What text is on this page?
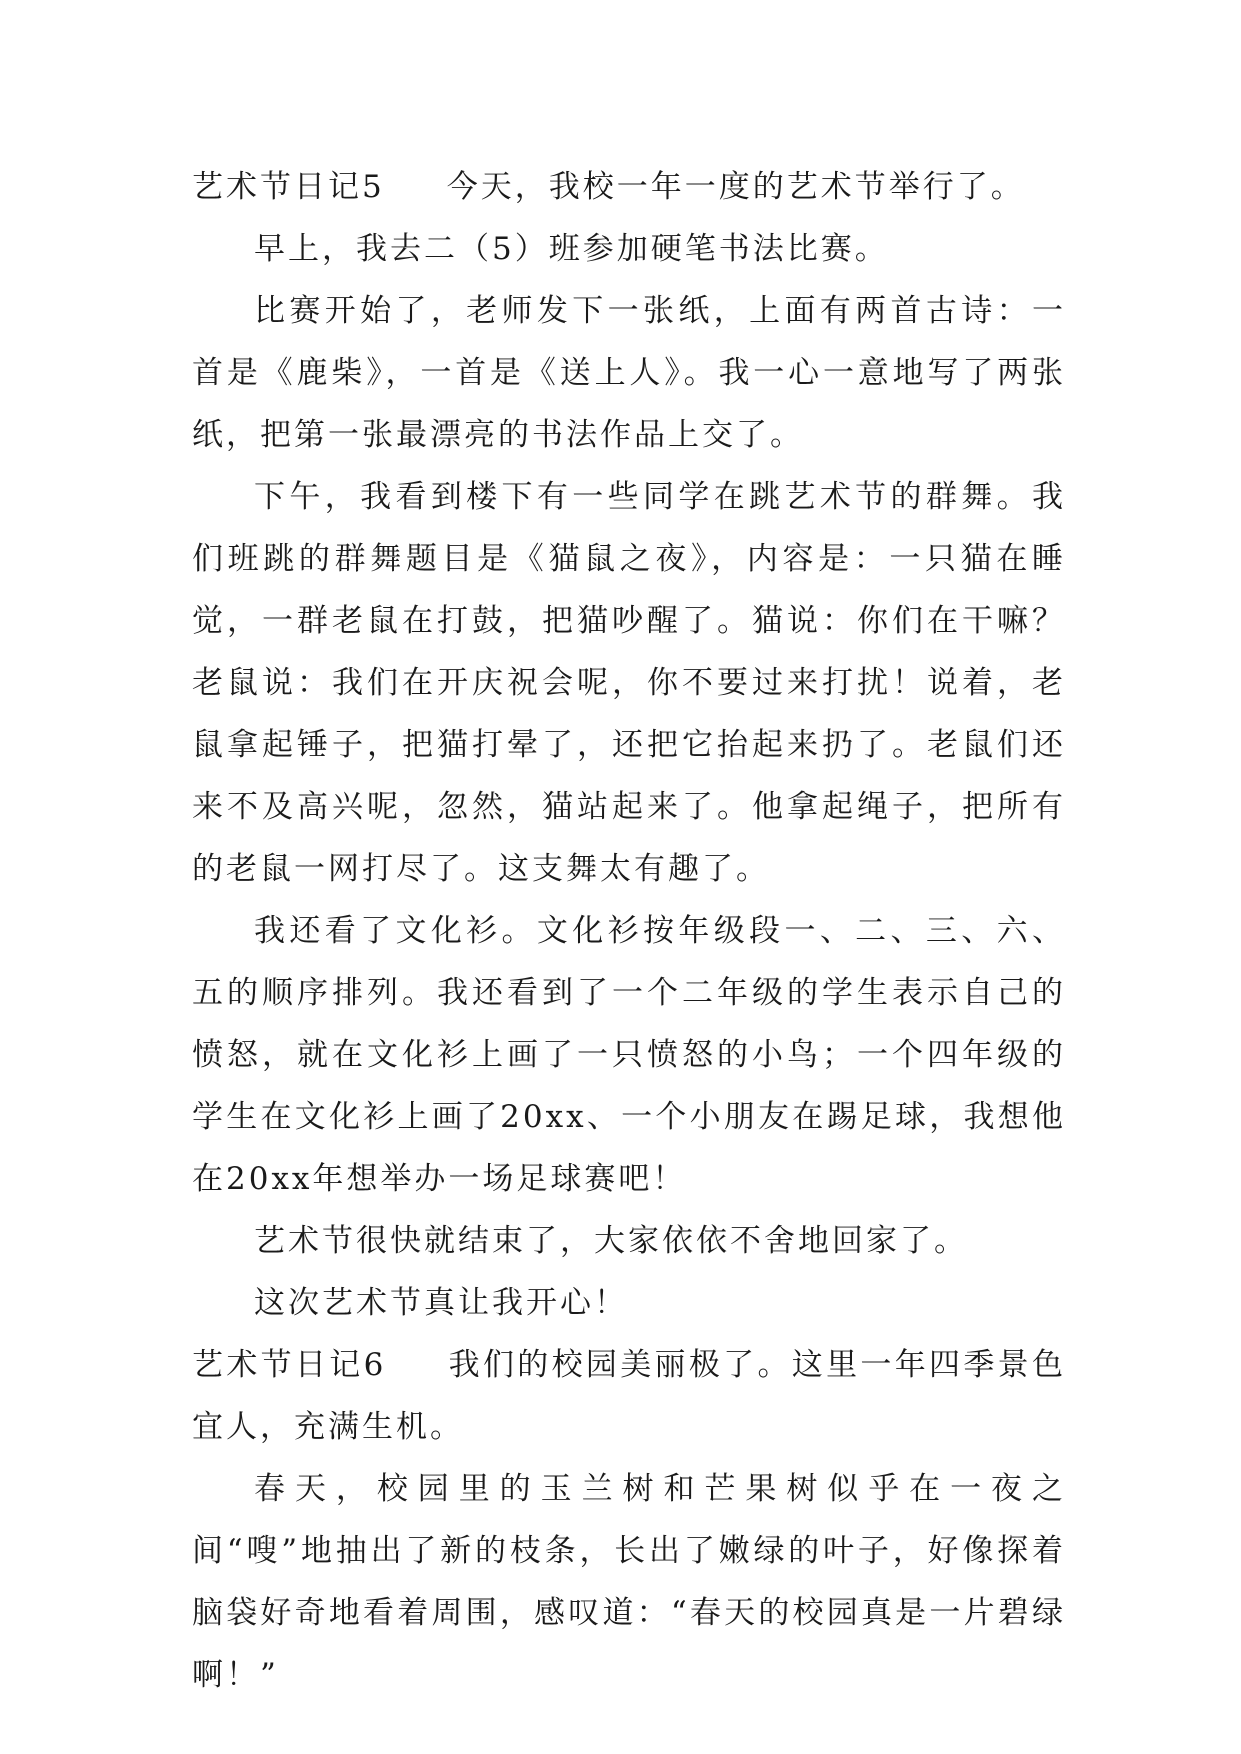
艺术节日记5 今天，我校一年一度的艺术节举行了。

早上，我去二（5）班参加硬笔书法比赛。

比赛开始了，老师发下一张纸，上面有两首古诗：一首是《鹿柴》，一首是《送上人》。我一心一意地写了两张纸，把第一张最漂亮的书法作品上交了。

下午，我看到楼下有一些同学在跳艺术节的群舞。我们班跳的群舞题目是《猫鼠之夜》，内容是：一只猫在睡觉，一群老鼠在打鼓，把猫吵醒了。猫说：你们在干嘛？老鼠说：我们在开庆祝会呢，你不要过来打扰！说着，老鼠拿起锤子，把猫打晕了，还把它抬起来扔了。老鼠们还来不及高兴呢，忽然，猫站起来了。他拿起绳子，把所有的老鼠一网打尽了。这支舞太有趣了。

我还看了文化衫。文化衫按年级段一、二、三、六、五的顺序排列。我还看到了一个二年级的学生表示自己的愤怒，就在文化衫上画了一只愤怒的小鸟；一个四年级的学生在文化衫上画了20xx、一个小朋友在踢足球，我想他在20xx年想举办一场足球赛吧！

艺术节很快就结束了，大家依依不舍地回家了。

这次艺术节真让我开心！

艺术节日记6 我们的校园美丽极了。这里一年四季景色宜人，充满生机。

春天，校园里的玉兰树和芒果树似乎在一夜之间“嗖”地抽出了新的枝条，长出了嫩绿的叶子，好像探着脑袋好奇地看着周围，感叹道：“春天的校园真是一片碧绿啊！”
